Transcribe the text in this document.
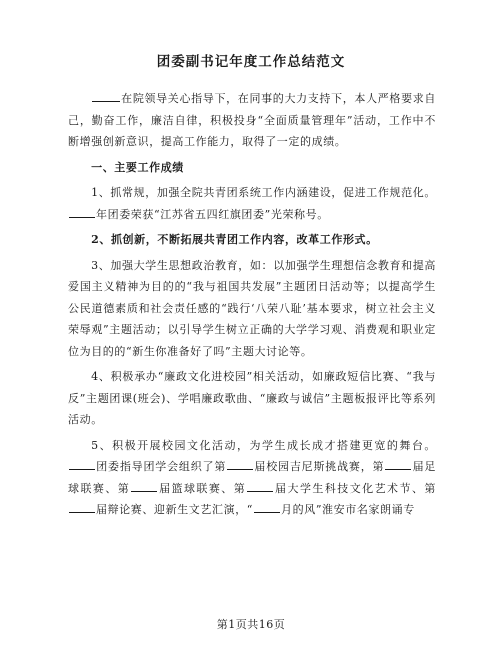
团委副书记年度工作总结范文

在院领导关心指导下，在同事的大力支持下，本人严格要求自己，勤奋工作，廉洁自律，积极投身“全面质量管理年”活动，工作中不断增强创新意识，提高工作能力，取得了一定的成绩。

一、主要工作成绩

1、抓常规，加强全院共青团系统工作内涵建设，促进工作规范化。年团委荣获“江苏省五四红旗团委”光荣称号。

2、抓创新，不断拓展共青团工作内容，改革工作形式。

3、加强大学生思想政治教育，如：以加强学生理想信念教育和提高爱国主义精神为目的的“我与祖国共发展”主题团日活动等；以提高学生公民道德素质和社会责任感的“践行‘八荣八耻’基本要求，树立社会主义荣辱观”主题活动；以引导学生树立正确的大学学习观、消费观和职业定位为目的的“新生你准备好了吗”主题大讨论等。

4、积极承办“廉政文化进校园”相关活动，如廉政短信比赛、“我与反”主题团课(班会)、学唱廉政歌曲、“廉政与诚信”主题板报评比等系列活动。

5、积极开展校园文化活动，为学生成长成才搭建更宽的舞台。团委指导团学会组织了第	届校园吉尼斯挑战赛，第	届足球联赛、第	届篮球联赛、第	届大学生科技文化艺术节、第届辩论赛、迎新生文艺汇演，“	月的风”淮安市名家朗诵专

第1页共16页
